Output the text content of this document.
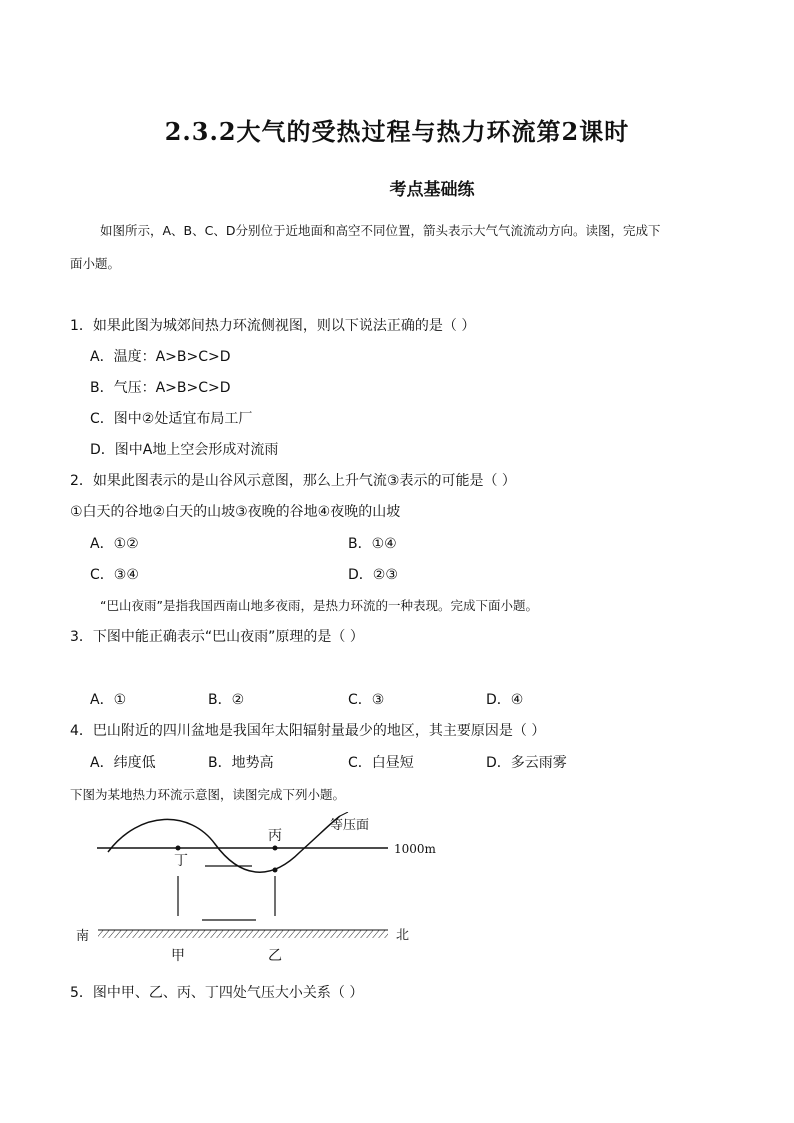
2.3.2大气的受热过程与热力环流第2课时
考点基础练
如图所示，A、B、C、D分别位于近地面和高空不同位置，箭头表示大气气流流动方向。读图，完成下
面小题。
1．如果此图为城郊间热力环流侧视图，则以下说法正确的是（ ）
A．温度：A>B>C>D
B．气压：A>B>C>D
C．图中②处适宜布局工厂
D．图中A地上空会形成对流雨
2．如果此图表示的是山谷风示意图，那么上升气流③表示的可能是（ ）
①白天的谷地②白天的山坡③夜晚的谷地④夜晚的山坡
A．①②	B．①④
C．③④	D．②③
“巴山夜雨”是指我国西南山地多夜雨，是热力环流的一种表现。完成下面小题。
3．下图中能正确表示“巴山夜雨”原理的是（ ）
A．①	B．②	C．③	D．④
4．巴山附近的四川盆地是我国年太阳辐射量最少的地区，其主要原因是（ ）
A．纬度低	B．地势高	C．白昼短	D．多云雨雾
下图为某地热力环流示意图，读图完成下列小题。
等压面
1000m
丙
丁
南	北
甲	乙
5．图中甲、乙、丙、丁四处气压大小关系（ ）
